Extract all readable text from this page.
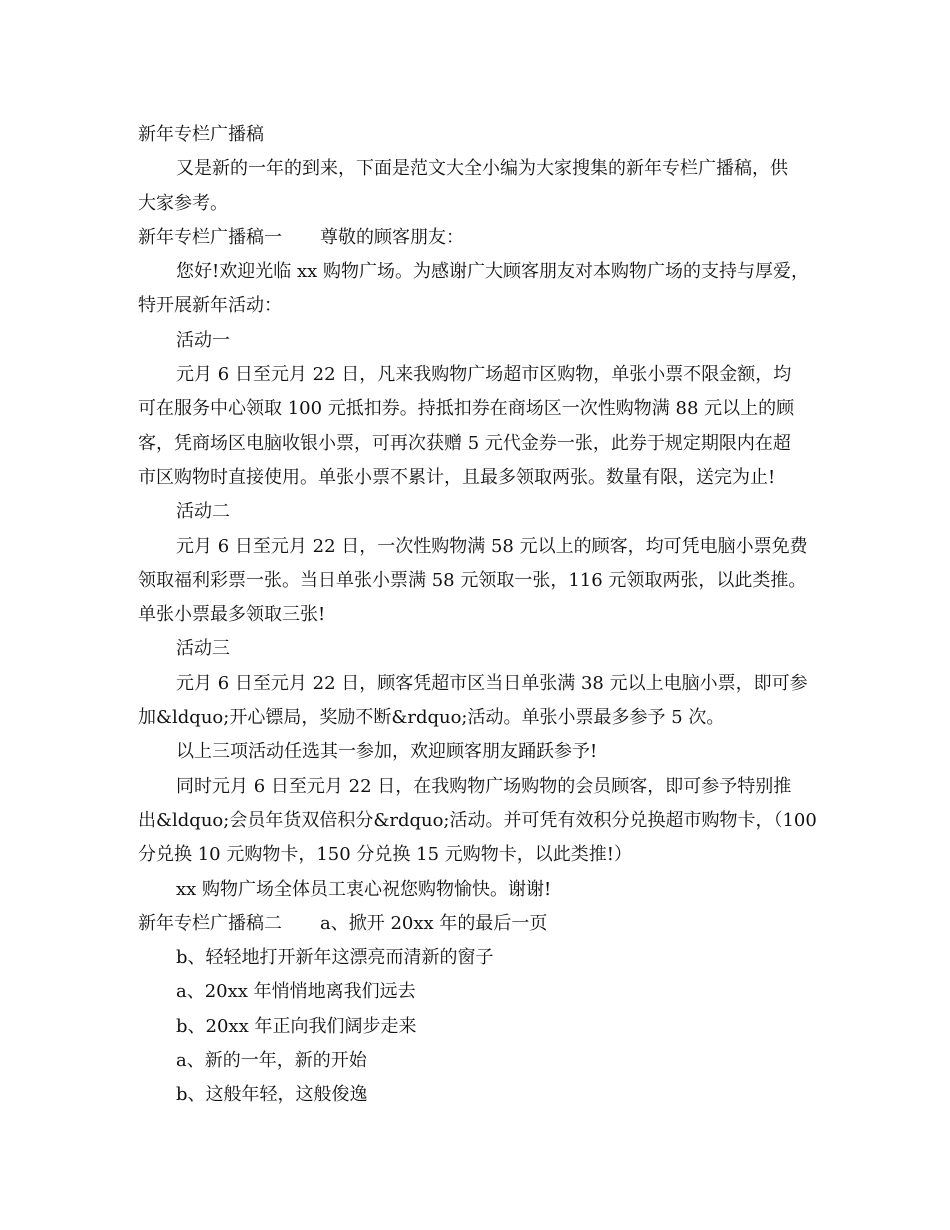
新年专栏广播稿
又是新的一年的到来，下面是范文大全小编为大家搜集的新年专栏广播稿，供
大家参考。
新年专栏广播稿一 尊敬的顾客朋友：
您好!欢迎光临 xx 购物广场。为感谢广大顾客朋友对本购物广场的支持与厚爱，
特开展新年活动：
活动一
元月 6 日至元月 22 日，凡来我购物广场超市区购物，单张小票不限金额，均
可在服务中心领取 100 元抵扣券。持抵扣券在商场区一次性购物满 88 元以上的顾
客，凭商场区电脑收银小票，可再次获赠 5 元代金券一张，此券于规定期限内在超
市区购物时直接使用。单张小票不累计，且最多领取两张。数量有限，送完为止!
活动二
元月 6 日至元月 22 日，一次性购物满 58 元以上的顾客，均可凭电脑小票免费
领取福利彩票一张。当日单张小票满 58 元领取一张，116 元领取两张，以此类推。
单张小票最多领取三张!
活动三
元月 6 日至元月 22 日，顾客凭超市区当日单张满 38 元以上电脑小票，即可参
加&ldquo;开心镖局，奖励不断&rdquo;活动。单张小票最多参予 5 次。
以上三项活动任选其一参加，欢迎顾客朋友踊跃参予!
同时元月 6 日至元月 22 日，在我购物广场购物的会员顾客，即可参予特别推
出&ldquo;会员年货双倍积分&rdquo;活动。并可凭有效积分兑换超市购物卡，（100
分兑换 10 元购物卡，150 分兑换 15 元购物卡，以此类推!）
xx 购物广场全体员工衷心祝您购物愉快。谢谢!
新年专栏广播稿二 a、掀开 20xx 年的最后一页
b、轻轻地打开新年这漂亮而清新的窗子
a、20xx 年悄悄地离我们远去
b、20xx 年正向我们阔步走来
a、新的一年，新的开始
b、这般年轻，这般俊逸
